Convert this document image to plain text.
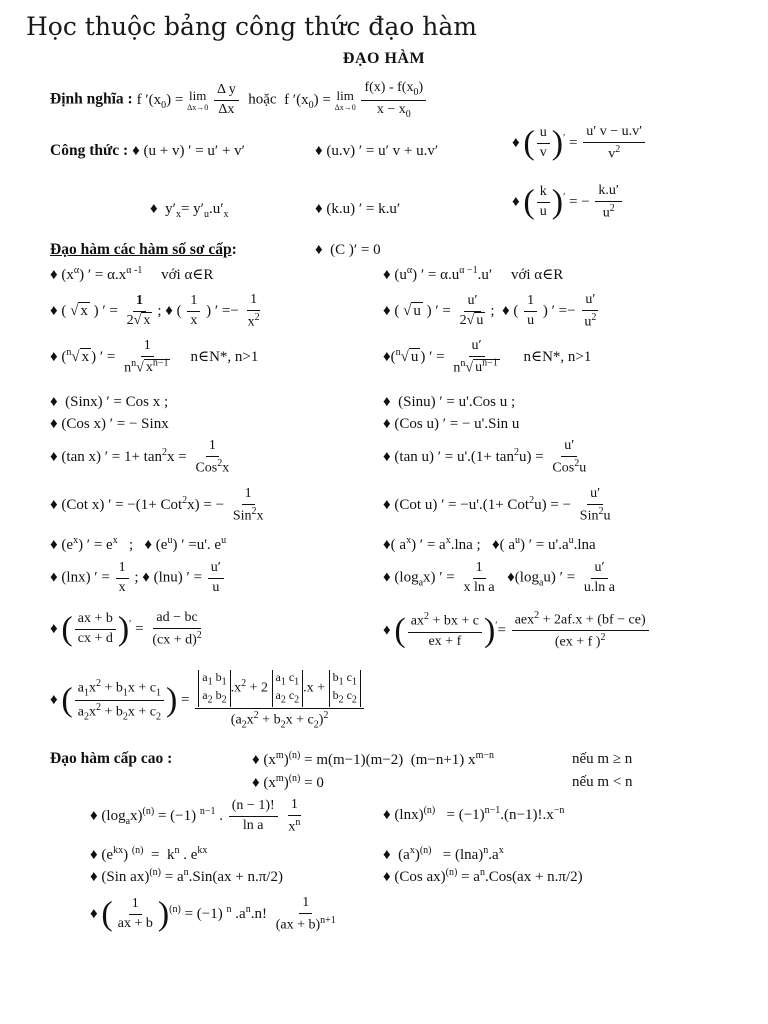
Học thuộc bảng công thức đạo hàm
ĐẠO HÀM
Định nghĩa : f $'(x_0) = \lim$
Δx→0
$\frac{\text{Δ y}}{\Delta x}$ hoặc f $'(x_0) = \lim$
Δx→0
$\frac{f(x) - f(x_0)}{x - x_0}$
Công thức : ♦ (u + v) ′ = u′ + v′	♦ (u.v) ′ = u′ v + u.v′	♦ ( $\frac{u}{v} )' = \frac{u' v - u.v'}{v^2}$
♦  $y'_x= y'_u.u'_x$	♦ (k.u) ′ = k.u′	♦ ( $\frac{k}{u} )'$ = − $\frac{k.u'}{u^2}$
Đạo hàm các hàm số sơ cấp:	♦  (C )′ = 0
♦ $(x^\alpha)$ ′ = $\alpha.x^{\alpha -1}$ với α∈R	♦ $(u^\alpha)$ ′ = $\alpha.u^{\alpha -1}.u'$     với α∈R
♦ ( √ x ) ′ = $\frac{1}{2√ x}$ ; ♦ ( $\frac{1}{x}$ ) ′ =− $\frac{1}{x^2}$	♦ ( √ u ) ′ = $\frac{u'}{2√ u}$ ;  ♦ ( $\frac{1}{u}$ ) ′ =− $\frac{u'}{u^2}$
♦ ($^n$√ x ) ′ = $\frac{1}{n^n√ x^{n-1}}$ n∈N*, n>1	♦($^n$√ u ) ′ = $\frac{u'}{n^n√ u^{n-1}}$ n∈N*, n>1
♦  (Sinx) ′ = Cos x ;	♦  (Sinu) ′ = u'.Cos u ;
♦ (Cos x) ′ = − Sinx	♦ (Cos u) ′ = − u'.Sin u
♦ (tan x) ′ = $1+ \tan^2x = \frac{1}{Cos^2x}$	♦ (tan u) ′ = $u'.(1+ \tan^2u) = \frac{u'}{Cos^2u}$
♦ (Cot x) ′ = −(1+ Cot$^2$x) = − $\frac{1}{Sin^2x}$	♦ (Cot u) ′ = −u'.(1+ Cot$^2$u) = − $\frac{u'}{Sin^2u}$
♦ $(e^x)$ ′ = $e^x$   ;   ♦ $(e^u)$ ′ =u'. $e^u$	♦( $a^x$) ′ = $a^x.\ln a$ ;   ♦( $a^u$) ′ = $u'.a^u.\ln a$
♦ (lnx) ′ = $\frac{1}{x}$ ; ♦ (lnu) ′ = $\frac{u'}{u}$	♦ $(\log_ax)$ ′ = $\frac{1}{\text{x ln a}}$ $♦(\log_au)$ ′ = $\frac{u'}{\text{u.ln a}}$
♦ ( $\frac{ax + b}{cx + d} )' = \frac{ad - bc}{(cx + d)^2}$	♦ ( $\frac{ax^2 + bx + c}{ex + f} )'= \frac{aex^2 + 2af.x + (bf - ce)}{(ex + f )^2}$
♦ ( $\frac{a_1x^2 + b_1x + c_1}{a_2x^2 + b_2x + c_2}$ ) = $a_1$ $b_1$
$a_2$ $b_2$
$.x^2 + 2$
$a_1$ $c_1$
$a_2$ $c_2$
.x +
$b_1$ $c_1$
$b_2$ $c_2$
$(a_2x^2 + b_2x + c_2)^2$
Đạo hàm cấp cao :	♦ $(x^m)^{(n)} = m(m-1)(m-2)$  (m−n+1) $x^{m-n}$	nếu m ≥ n
♦ $(x^m)^{(n)} = 0$	nếu m < n
♦ $(\log_ax)^{(n)} = (-1)$ $^{n-1}$ . $\frac{(n - 1)!}{\text{ln a}}$
$\frac{1}{x^n}$	♦ $(\ln x)^{(n)} = (-1)^{n-1}.(n-1)!.x^{-n}$
♦ $(e^{kx}) ^{(n)} = k^n$ . $e^{kx}$	♦  $(a^x)^{(n)} = (\ln a)^n.a^x$
♦ (Sin $ax)^{(n)} = a^n.Sin(ax + n.\pi/2)$	♦ (Cos $ax)^{(n)} = a^n.Cos(ax + n.\pi/2)$
♦ ( $\frac{1}{ax + b} )^{(n)} = (-1)$ $^n$ $.a^n.n$! $\frac{1}{(ax + b)^{n+1}}$
